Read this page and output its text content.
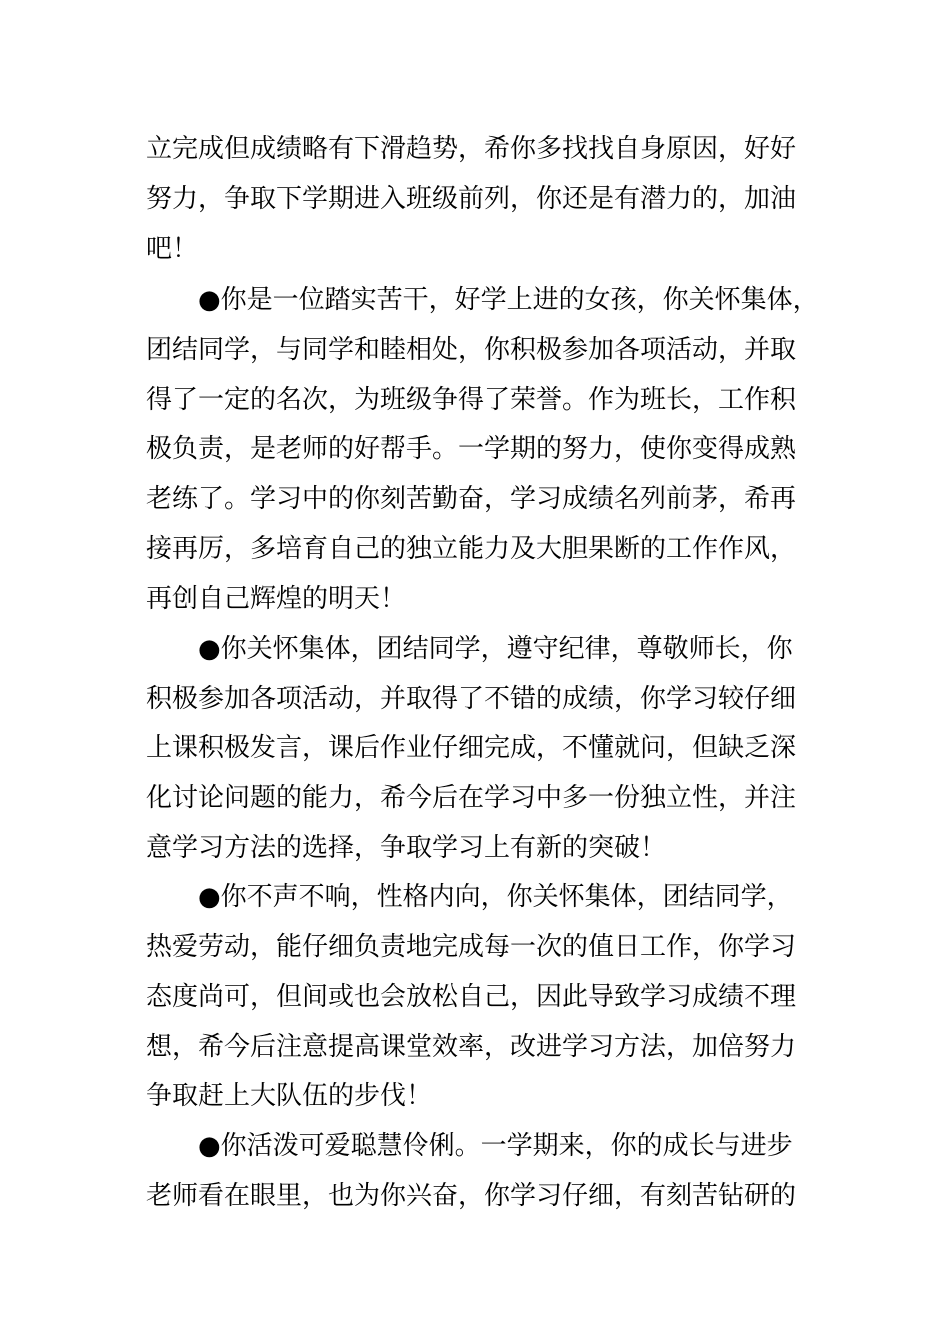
立完成但成绩略有下滑趋势，希你多找找自身原因，好好
努力，争取下学期进入班级前列，你还是有潜力的，加油
吧！
●你是一位踏实苦干，好学上进的女孩，你关怀集体，
团结同学，与同学和睦相处，你积极参加各项活动，并取
得了一定的名次，为班级争得了荣誉。作为班长，工作积
极负责，是老师的好帮手。一学期的努力，使你变得成熟
老练了。学习中的你刻苦勤奋，学习成绩名列前茅，希再
接再厉，多培育自己的独立能力及大胆果断的工作作风，
再创自己辉煌的明天！
●你关怀集体，团结同学，遵守纪律，尊敬师长，你
积极参加各项活动，并取得了不错的成绩，你学习较仔细
上课积极发言，课后作业仔细完成，不懂就问，但缺乏深
化讨论问题的能力，希今后在学习中多一份独立性，并注
意学习方法的选择，争取学习上有新的突破！
●你不声不响，性格内向，你关怀集体，团结同学，
热爱劳动，能仔细负责地完成每一次的值日工作，你学习
态度尚可，但间或也会放松自己，因此导致学习成绩不理
想，希今后注意提高课堂效率，改进学习方法，加倍努力
争取赶上大队伍的步伐！
●你活泼可爱聪慧伶俐。一学期来，你的成长与进步
老师看在眼里，也为你兴奋，你学习仔细，有刻苦钻研的
